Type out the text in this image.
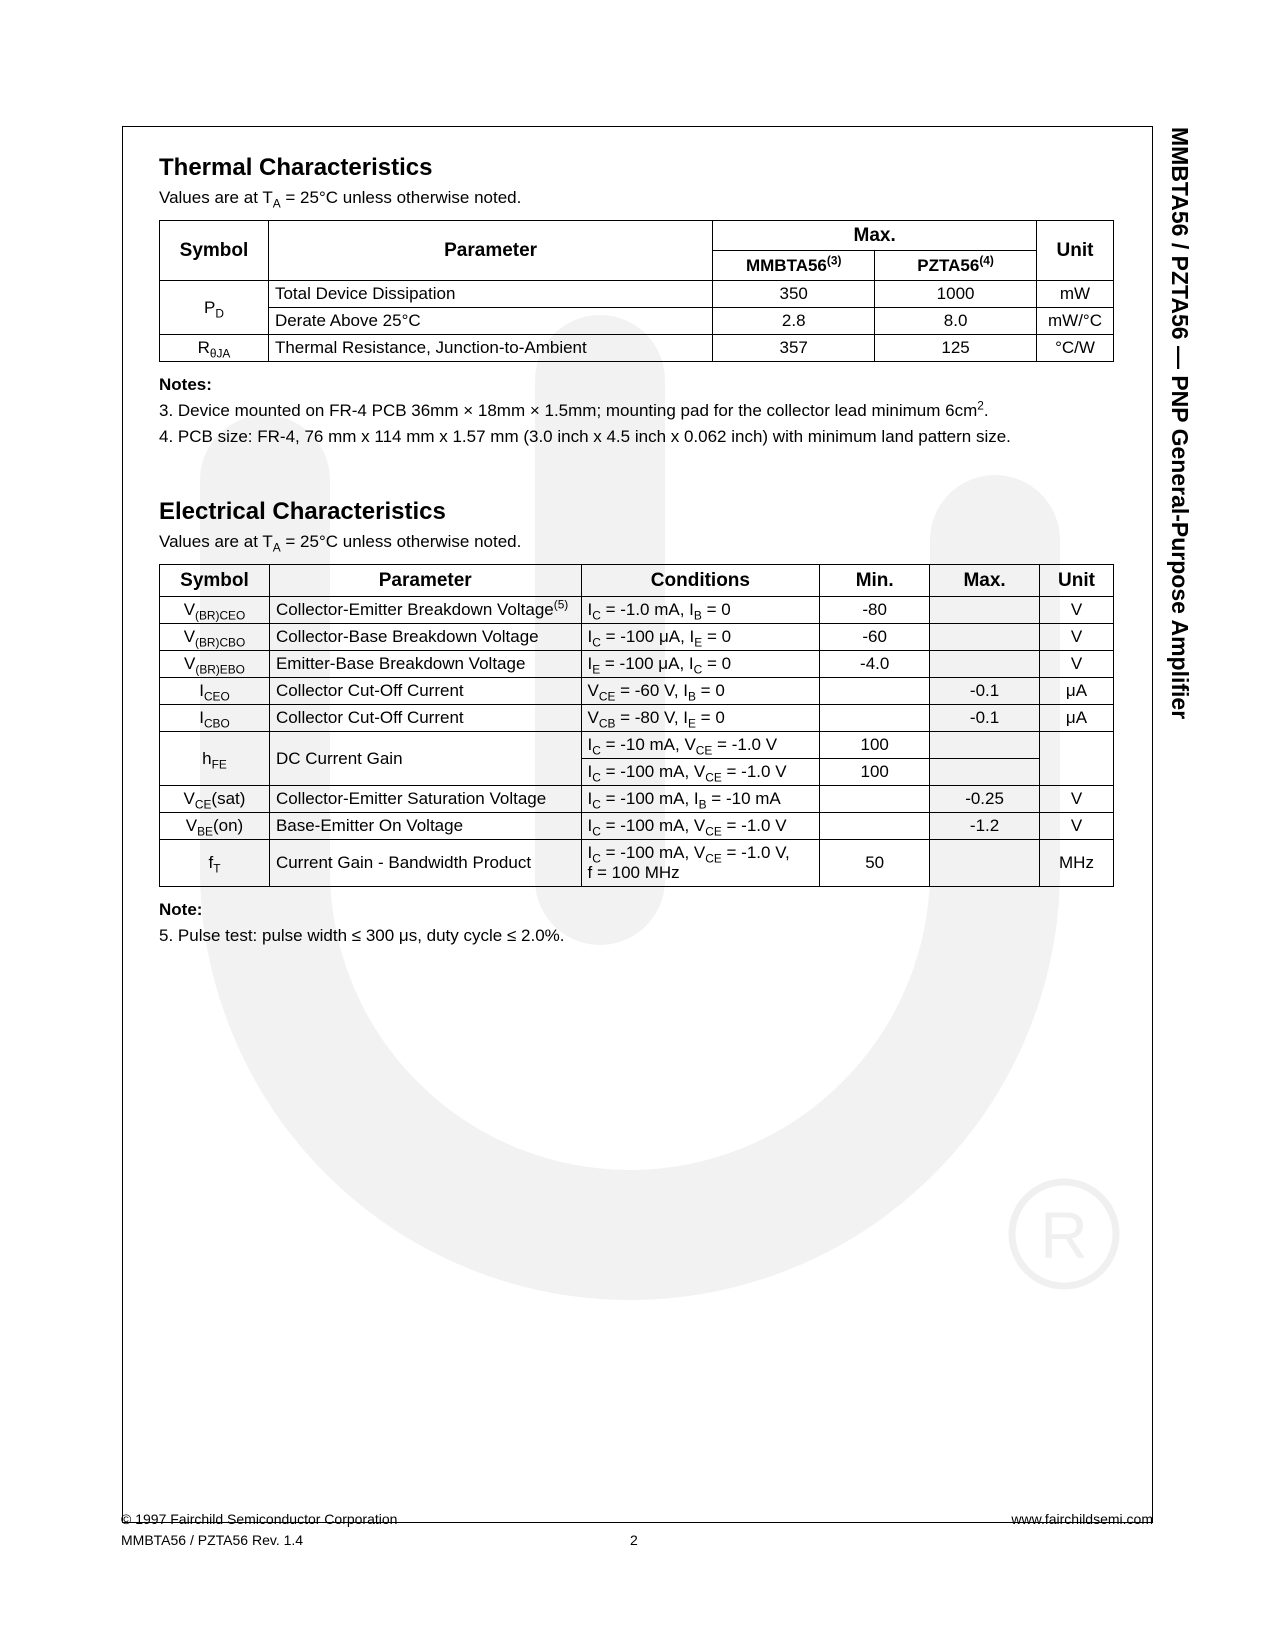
R
MMBTA56 / PZTA56 — PNP General-Purpose Amplifier
Thermal Characteristics
Values are at $T_A = 25^\circ C$ unless otherwise noted.
Symbol	Parameter	Max.		Unit
		MMBTA56$^{(3)}$	PZTA56$^{(4)}$
$P_D$	Total Device Dissipation	350	1000	mW
	Derate Above 25°C	2.8	8.0	mW/°C
$R_{\theta JA}$	Thermal Resistance, Junction-to-Ambient	357	125	°C/W
Notes:
3. Device mounted on FR-4 PCB 36mm × 18mm × 1.5mm; mounting pad for the collector lead minimum $6cm^2$.
4. PCB size: FR-4, 76 mm x 114 mm x 1.57 mm (3.0 inch x 4.5 inch x 0.062 inch) with minimum land pattern size.
Electrical Characteristics
Values are at $T_A = 25^\circ C$ unless otherwise noted.
Symbol	Parameter	Conditions	Min.	Max.	Unit
$V_{(BR)CEO}$	Collector-Emitter Breakdown Voltage$^{(5)}$	$I_C = -1.0$ mA, $I_B = 0$	-80		V
$V_{(BR)CBO}$	Collector-Base Breakdown Voltage	$I_C = -100$ μA, $I_E = 0$	-60		V
$V_{(BR)EBO}$	Emitter-Base Breakdown Voltage	$I_E = -100$ μA, $I_C = 0$	-4.0		V
$I_{CEO}$	Collector Cut-Off Current	$V_{CE} = -60$ V, $I_B = 0$		-0.1	μA
$I_{CBO}$	Collector Cut-Off Current	$V_{CB} = -80$ V, $I_E = 0$		-0.1	μA
$h_{FE}$	DC Current Gain	$I_C = -10$ mA, $V_{CE} = -1.0$ V	100		
		$I_C = -100$ mA, $V_{CE} = -1.0$ V	100		
$V_{CE}(sat)$	Collector-Emitter Saturation Voltage	$I_C = -100$ mA, $I_B = -10$ mA		-0.25	V
$V_{BE}(on)$	Base-Emitter On Voltage	$I_C = -100$ mA, $V_{CE} = -1.0$ V		-1.2	V
$f_T$	Current Gain - Bandwidth Product	$I_C = -100$ mA, $V_{CE} = -1.0$ V,
f = 100 MHz	50		MHz
Note:
5. Pulse test: pulse width ≤ 300 μs, duty cycle ≤ 2.0%.
© 1997 Fairchild Semiconductor Corporation
MMBTA56 / PZTA56 Rev. 1.4	2
www.fairchildsemi.com
